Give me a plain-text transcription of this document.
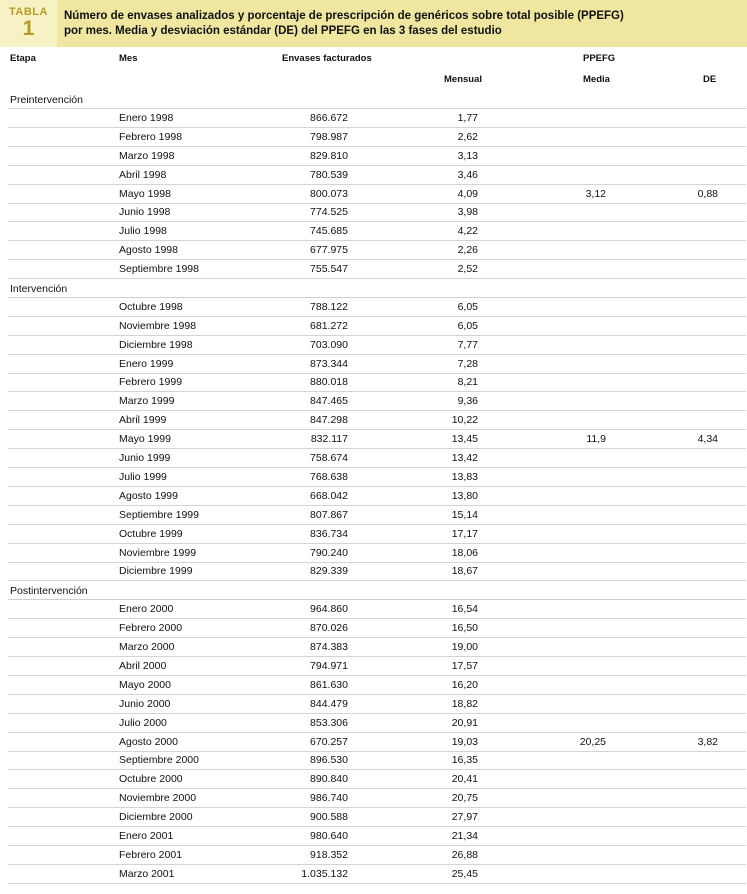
TABLA
1
Número de envases analizados y porcentaje de prescripción de genéricos sobre total posible (PPEFG)
por mes. Media y desviación estándar (DE) del PPEFG en las 3 fases del estudio
Etapa	Mes	Envases facturados	PPEFG
Mensual	Media	DE
Preintervención
Enero 1998	866.672	1,77
Febrero 1998	798.987	2,62
Marzo 1998	829.810	3,13
Abril 1998	780.539	3,46
Mayo 1998	800.073	4,09	3,12	0,88
Junio 1998	774.525	3,98
Julio 1998	745.685	4,22
Agosto 1998	677.975	2,26
Septiembre 1998	755.547	2,52
Intervención
Octubre 1998	788.122	6,05
Noviembre 1998	681.272	6,05
Diciembre 1998	703.090	7,77
Enero 1999	873.344	7,28
Febrero 1999	880.018	8,21
Marzo 1999	847.465	9,36
Abril 1999	847.298	10,22
Mayo 1999	832.117	13,45	11,9	4,34
Junio 1999	758.674	13,42
Julio 1999	768.638	13,83
Agosto 1999	668.042	13,80
Septiembre 1999	807.867	15,14
Octubre 1999	836.734	17,17
Noviembre 1999	790.240	18,06
Diciembre 1999	829.339	18,67
Postintervención
Enero 2000	964.860	16,54
Febrero 2000	870.026	16,50
Marzo 2000	874.383	19,00
Abril 2000	794.971	17,57
Mayo 2000	861.630	16,20
Junio 2000	844.479	18,82
Julio 2000	853.306	20,91
Agosto 2000	670.257	19,03	20,25	3,82
Septiembre 2000	896.530	16,35
Octubre 2000	890.840	20,41
Noviembre 2000	986.740	20,75
Diciembre 2000	900.588	27,97
Enero 2001	980.640	21,34
Febrero 2001	918.352	26,88
Marzo 2001	1.035.132	25,45
